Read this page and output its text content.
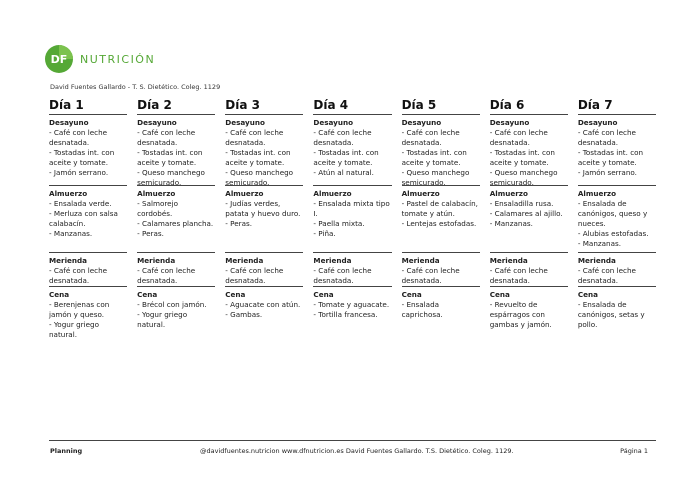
DF NUTRICIÓN
David Fuentes Gallardo - T. S. Dietético. Coleg. 1129
Día 1
Desayuno
- Café con leche desnatada.
- Tostadas int. con aceite y tomate.
- Jamón serrano.
Almuerzo
- Ensalada verde.
- Merluza con salsa calabacín.
- Manzanas.
Merienda
- Café con leche desnatada.
Cena
- Berenjenas con jamón y queso.
- Yogur griego natural.
Día 2
Desayuno
- Café con leche desnatada.
- Tostadas int. con aceite y tomate.
- Queso manchego semicurado.
Almuerzo
- Salmorejo cordobés.
- Calamares plancha.
- Peras.
Merienda
- Café con leche desnatada.
Cena
- Brécol con jamón.
- Yogur griego natural.
Día 3
Desayuno
- Café con leche desnatada.
- Tostadas int. con aceite y tomate.
- Queso manchego semicurado.
Almuerzo
- Judías verdes, patata y huevo duro.
- Peras.
Merienda
- Café con leche desnatada.
Cena
- Aguacate con atún.
- Gambas.
Día 4
Desayuno
- Café con leche desnatada.
- Tostadas int. con aceite y tomate.
- Atún al natural.
Almuerzo
- Ensalada mixta tipo I.
- Paella mixta.
- Piña.
Merienda
- Café con leche desnatada.
Cena
- Tomate y aguacate.
- Tortilla francesa.
Día 5
Desayuno
- Café con leche desnatada.
- Tostadas int. con aceite y tomate.
- Queso manchego semicurado.
Almuerzo
- Pastel de calabacín, tomate y atún.
- Lentejas estofadas.
Merienda
- Café con leche desnatada.
Cena
- Ensalada caprichosa.
Día 6
Desayuno
- Café con leche desnatada.
- Tostadas int. con aceite y tomate.
- Queso manchego semicurado.
Almuerzo
- Ensaladilla rusa.
- Calamares al ajillo.
- Manzanas.
Merienda
- Café con leche desnatada.
Cena
- Revuelto de espárragos con gambas y jamón.
Día 7
Desayuno
- Café con leche desnatada.
- Tostadas int. con aceite y tomate.
- Jamón serrano.
Almuerzo
- Ensalada de canónigos, queso y nueces.
- Alubias estofadas.
- Manzanas.
Merienda
- Café con leche desnatada.
Cena
- Ensalada de canónigos, setas y pollo.
Planning	@davidfuentes.nutricion www.dfnutricion.es David Fuentes Gallardo. T.S. Dietético. Coleg. 1129.	Página 1
